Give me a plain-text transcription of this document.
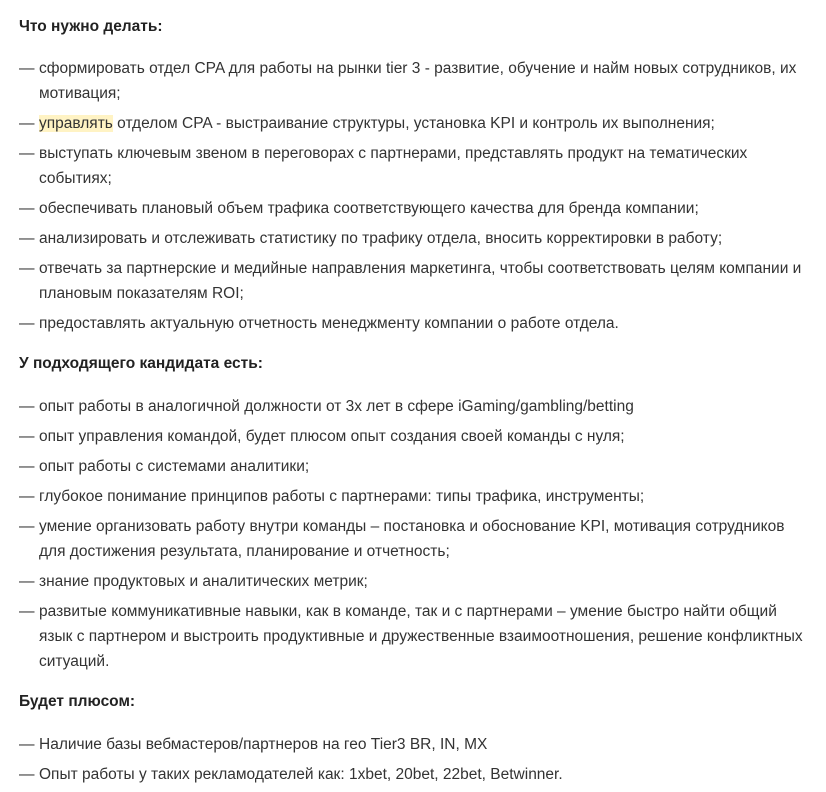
Что нужно делать:
— сформировать отдел CPA для работы на рынки tier 3 - развитие, обучение и найм новых сотрудников, их мотивация;
— управлять отделом CPA - выстраивание структуры, установка KPI и контроль их выполнения;
— выступать ключевым звеном в переговорах с партнерами, представлять продукт на тематических событиях;
— обеспечивать плановый объем трафика соответствующего качества для бренда компании;
— анализировать и отслеживать статистику по трафику отдела, вносить корректировки в работу;
— отвечать за партнерские и медийные направления маркетинга, чтобы соответствовать целям компании и плановым показателям ROI;
— предоставлять актуальную отчетность менеджменту компании о работе отдела.
У подходящего кандидата есть:
— опыт работы в аналогичной должности от 3х лет в сфере iGaming/gambling/betting
— опыт управления командой, будет плюсом опыт создания своей команды с нуля;
— опыт работы с системами аналитики;
— глубокое понимание принципов работы с партнерами: типы трафика, инструменты;
— умение организовать работу внутри команды – постановка и обоснование KPI, мотивация сотрудников для достижения результата, планирование и отчетность;
— знание продуктовых и аналитических метрик;
— развитые коммуникативные навыки, как в команде, так и с партнерами – умение быстро найти общий язык с партнером и выстроить продуктивные и дружественные взаимоотношения, решение конфликтных ситуаций.
Будет плюсом:
— Наличие базы вебмастеров/партнеров на гео Tier3 BR, IN, MX
— Опыт работы у таких рекламодателей как: 1xbet, 20bet, 22bet, Betwinner.
